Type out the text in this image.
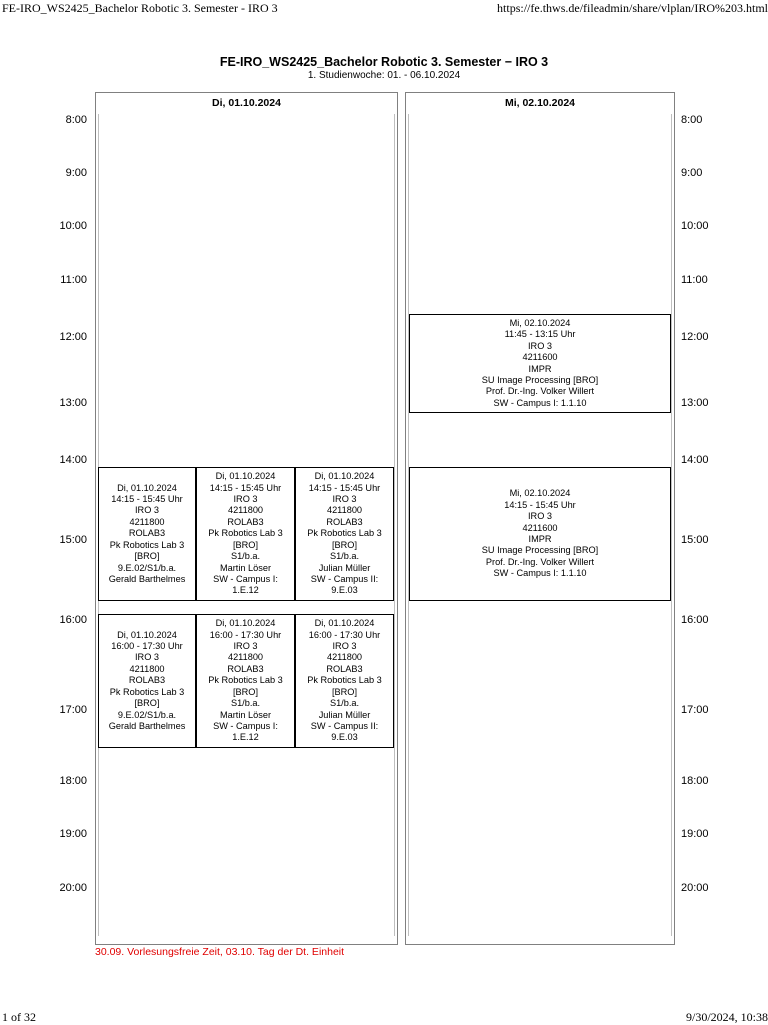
FE-IRO_WS2425_Bachelor Robotic 3. Semester - IRO 3	https://fe.thws.de/fileadmin/share/vlplan/IRO%203.html
FE-IRO_WS2425_Bachelor Robotic 3. Semester − IRO 3
1. Studienwoche: 01. - 06.10.2024
Di, 01.10.2024	Mi, 02.10.2024
8:00
9:00
10:00
11:00
12:00
13:00
14:00
15:00
16:00
17:00
18:00
19:00
20:00
8:00
9:00
10:00
11:00
12:00
13:00
14:00
15:00
16:00
17:00
18:00
19:00
20:00
Mi, 02.10.2024
11:45 - 13:15 Uhr
IRO 3
4211600
IMPR
SU Image Processing [BRO]
Prof. Dr.-Ing. Volker Willert
SW - Campus I: 1.1.10
Di, 01.10.2024
14:15 - 15:45 Uhr
IRO 3
4211800
ROLAB3
Pk Robotics Lab 3
[BRO]
9.E.02/S1/b.a.
Gerald Barthelmes
Di, 01.10.2024
14:15 - 15:45 Uhr
IRO 3
4211800
ROLAB3
Pk Robotics Lab 3
[BRO]
S1/b.a.
Martin Löser
SW - Campus I:
1.E.12
Di, 01.10.2024
14:15 - 15:45 Uhr
IRO 3
4211800
ROLAB3
Pk Robotics Lab 3
[BRO]
S1/b.a.
Julian Müller
SW - Campus II:
9.E.03
Mi, 02.10.2024
14:15 - 15:45 Uhr
IRO 3
4211600
IMPR
SU Image Processing [BRO]
Prof. Dr.-Ing. Volker Willert
SW - Campus I: 1.1.10
Di, 01.10.2024
16:00 - 17:30 Uhr
IRO 3
4211800
ROLAB3
Pk Robotics Lab 3
[BRO]
9.E.02/S1/b.a.
Gerald Barthelmes
Di, 01.10.2024
16:00 - 17:30 Uhr
IRO 3
4211800
ROLAB3
Pk Robotics Lab 3
[BRO]
S1/b.a.
Martin Löser
SW - Campus I:
1.E.12
Di, 01.10.2024
16:00 - 17:30 Uhr
IRO 3
4211800
ROLAB3
Pk Robotics Lab 3
[BRO]
S1/b.a.
Julian Müller
SW - Campus II:
9.E.03
30.09. Vorlesungsfreie Zeit, 03.10. Tag der Dt. Einheit
1 of 32	9/30/2024, 10:38
